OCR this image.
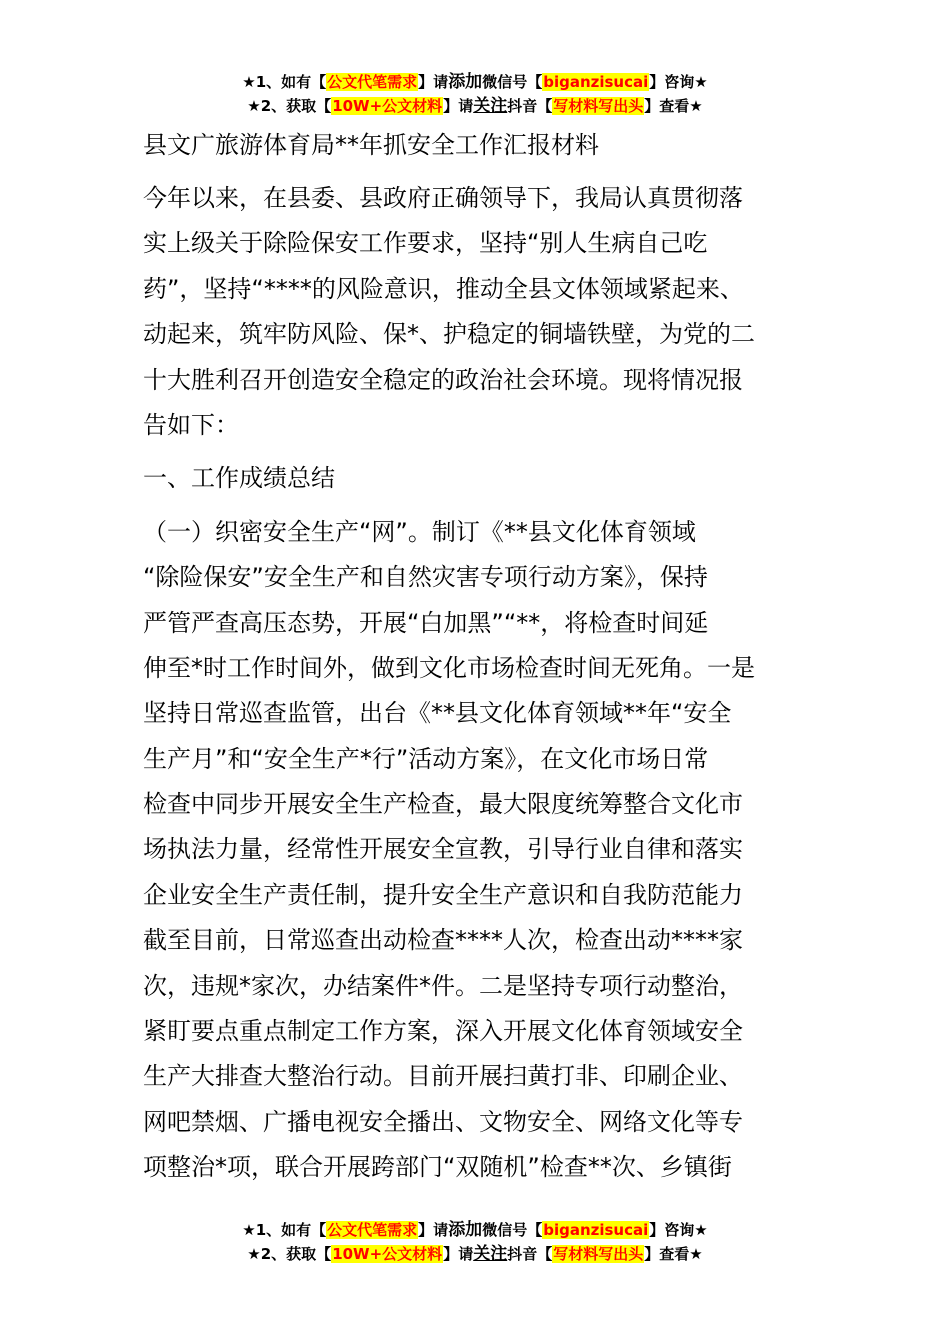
★1、如有【公文代笔需求】请添加微信号【biganzisucai】咨询★
★2、获取【10W+公文材料】请关注抖音【写材料写出头】查看★
县文广旅游体育局**年抓安全工作汇报材料
今年以来，在县委、县政府正确领导下，我局认真贯彻落
实上级关于除险保安工作要求，坚持“别人生病自己吃
药”，坚持“****的风险意识，推动全县文体领域紧起来、
动起来，筑牢防风险、保*、护稳定的铜墙铁壁，为党的二
十大胜利召开创造安全稳定的政治社会环境。现将情况报
告如下：
一、工作成绩总结
（一）织密安全生产“网”。制订《**县文化体育领域
“除险保安”安全生产和自然灾害专项行动方案》，保持
严管严查高压态势，开展“白加黑”“**，将检查时间延
伸至*时工作时间外，做到文化市场检查时间无死角。一是
坚持日常巡查监管，出台《**县文化体育领域**年“安全
生产月”和“安全生产*行”活动方案》，在文化市场日常
检查中同步开展安全生产检查，最大限度统筹整合文化市
场执法力量，经常性开展安全宣教，引导行业自律和落实
企业安全生产责任制，提升安全生产意识和自我防范能力
截至目前，日常巡查出动检查****人次，检查出动****家
次，违规*家次，办结案件*件。二是坚持专项行动整治，
紧盯要点重点制定工作方案，深入开展文化体育领域安全
生产大排查大整治行动。目前开展扫黄打非、印刷企业、
网吧禁烟、广播电视安全播出、文物安全、网络文化等专
项整治*项，联合开展跨部门“双随机”检查**次、乡镇街
★1、如有【公文代笔需求】请添加微信号【biganzisucai】咨询★
★2、获取【10W+公文材料】请关注抖音【写材料写出头】查看★
